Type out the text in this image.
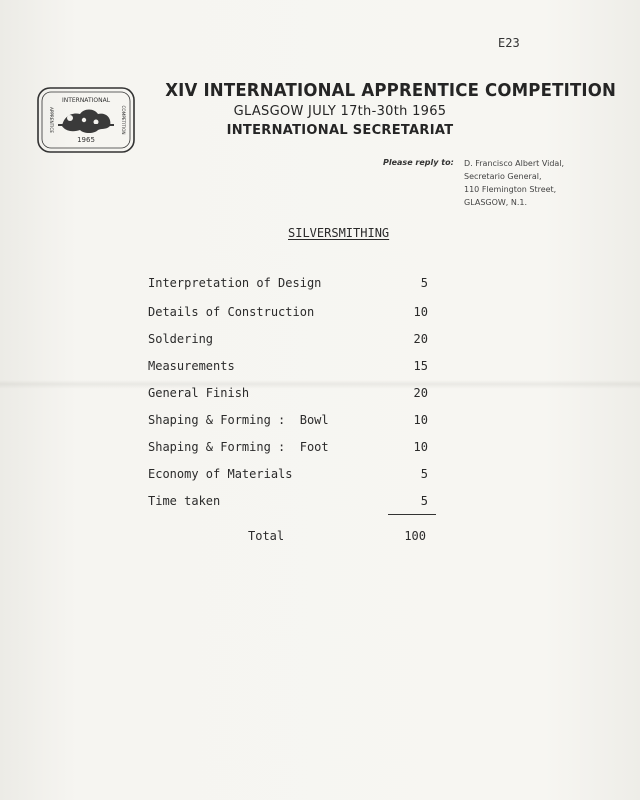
E23
INTERNATIONAL
APPRENTICE	COMPETITION
1965
XIV INTERNATIONAL APPRENTICE COMPETITION
GLASGOW JULY 17th-30th 1965
INTERNATIONAL SECRETARIAT
Please reply to: D. Francisco Albert Vidal,
Secretario General,
110 Flemington Street,
GLASGOW, N.1.
SILVERSMITHING
Interpretation of Design	5
Details of Construction	10
Soldering	20
Measurements	15
General Finish	20
Shaping & Forming :  Bowl	10
Shaping & Forming :  Foot	10
Economy of Materials	5
Time taken	5
Total	100
